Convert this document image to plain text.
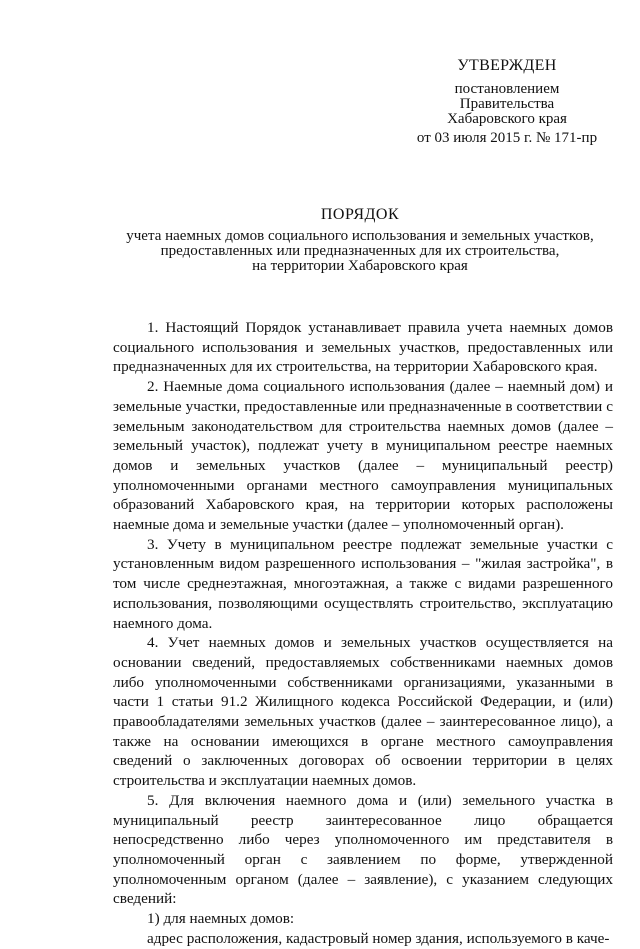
УТВЕРЖДЕН
постановлением
Правительства
Хабаровского края
от 03 июля 2015 г. № 171-пр
ПОРЯДОК
учета наемных домов социального использования и земельных участков,
предоставленных или предназначенных для их строительства,
на территории Хабаровского края

1. Настоящий Порядок устанавливает правила учета наемных домов социального использования и земельных участков, предоставленных или предназначенных для их строительства, на территории Хабаровского края.

2. Наемные дома социального использования (далее – наемный дом) и земельные участки, предоставленные или предназначенные в соответствии с земельным законодательством для строительства наемных домов (далее – земельный участок), подлежат учету в муниципальном реестре наемных домов и земельных участков (далее – муниципальный реестр) уполномоченными органами местного самоуправления муниципальных образований Хабаровского края, на территории которых расположены наемные дома и земельные участки (далее – уполномоченный орган).

3. Учету в муниципальном реестре подлежат земельные участки с установленным видом разрешенного использования – "жилая застройка", в том числе среднеэтажная, многоэтажная, а также с видами разрешенного использования, позволяющими осуществлять строительство, эксплуатацию наемного дома.

4. Учет наемных домов и земельных участков осуществляется на основании сведений, предоставляемых собственниками наемных домов либо уполномоченными собственниками организациями, указанными в части 1 статьи 91.2 Жилищного кодекса Российской Федерации, и (или) правообладателями земельных участков (далее – заинтересованное лицо), а также на основании имеющихся в органе местного самоуправления сведений о заключенных договорах об освоении территории в целях строительства и эксплуатации наемных домов.

5. Для включения наемного дома и (или) земельного участка в муниципальный реестр заинтересованное лицо обращается непосредственно либо через уполномоченного им представителя в уполномоченный орган с заявлением по форме, утвержденной уполномоченным органом (далее – заявление), с указанием следующих сведений:

1) для наемных домов:

адрес расположения, кадастровый номер здания, используемого в каче-
